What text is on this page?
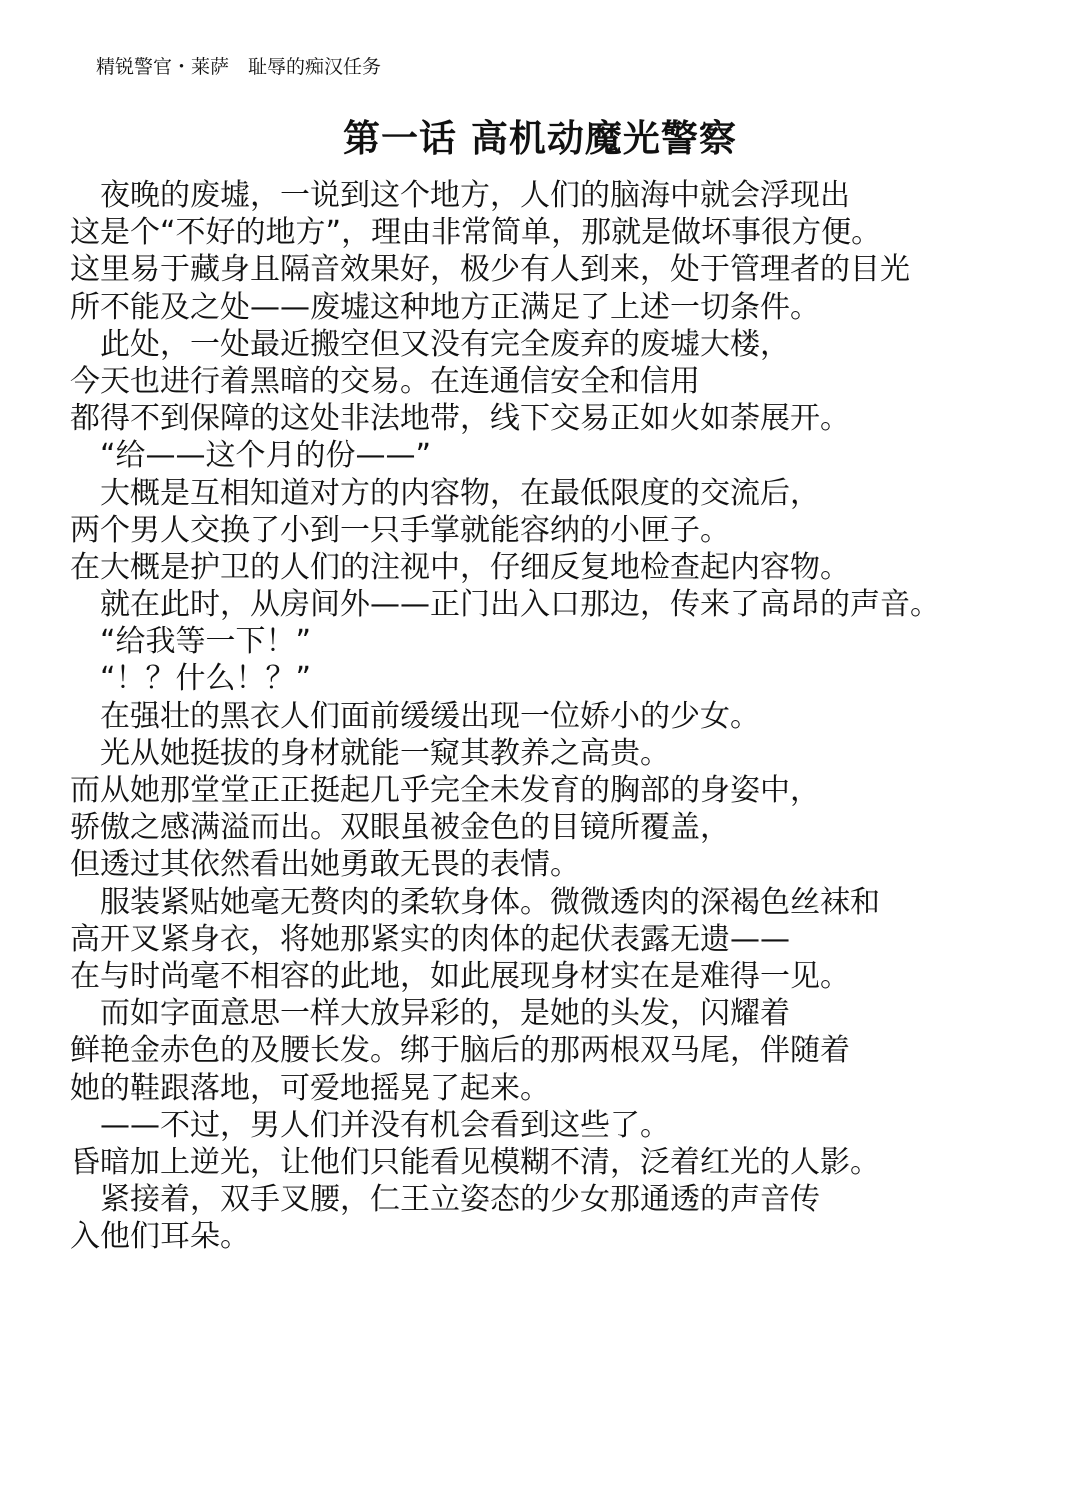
精锐警官・莱萨　耻辱的痴汉任务
第一话 高机动魔光警察
　夜晚的废墟，一说到这个地方，人们的脑海中就会浮现出
这是个“不好的地方”，理由非常简单，那就是做坏事很方便。
这里易于藏身且隔音效果好，极少有人到来，处于管理者的目光
所不能及之处——废墟这种地方正满足了上述一切条件。
　此处，一处最近搬空但又没有完全废弃的废墟大楼，
今天也进行着黑暗的交易。在连通信安全和信用
都得不到保障的这处非法地带，线下交易正如火如荼展开。
　“给——这个月的份——”
　大概是互相知道对方的内容物，在最低限度的交流后，
两个男人交换了小到一只手掌就能容纳的小匣子。
在大概是护卫的人们的注视中，仔细反复地检查起内容物。
　就在此时，从房间外——正门出入口那边，传来了高昂的声音。
　“给我等一下！”
　“！？什么！？”
　在强壮的黑衣人们面前缓缓出现一位娇小的少女。
　光从她挺拔的身材就能一窥其教养之高贵。
而从她那堂堂正正挺起几乎完全未发育的胸部的身姿中，
骄傲之感满溢而出。双眼虽被金色的目镜所覆盖，
但透过其依然看出她勇敢无畏的表情。
　服装紧贴她毫无赘肉的柔软身体。微微透肉的深褐色丝袜和
高开叉紧身衣，将她那紧实的肉体的起伏表露无遗——
在与时尚毫不相容的此地，如此展现身材实在是难得一见。
　而如字面意思一样大放异彩的，是她的头发，闪耀着
鲜艳金赤色的及腰长发。绑于脑后的那两根双马尾，伴随着
她的鞋跟落地，可爱地摇晃了起来。
　——不过，男人们并没有机会看到这些了。
昏暗加上逆光，让他们只能看见模糊不清，泛着红光的人影。
　紧接着，双手叉腰，仁王立姿态的少女那通透的声音传
入他们耳朵。
